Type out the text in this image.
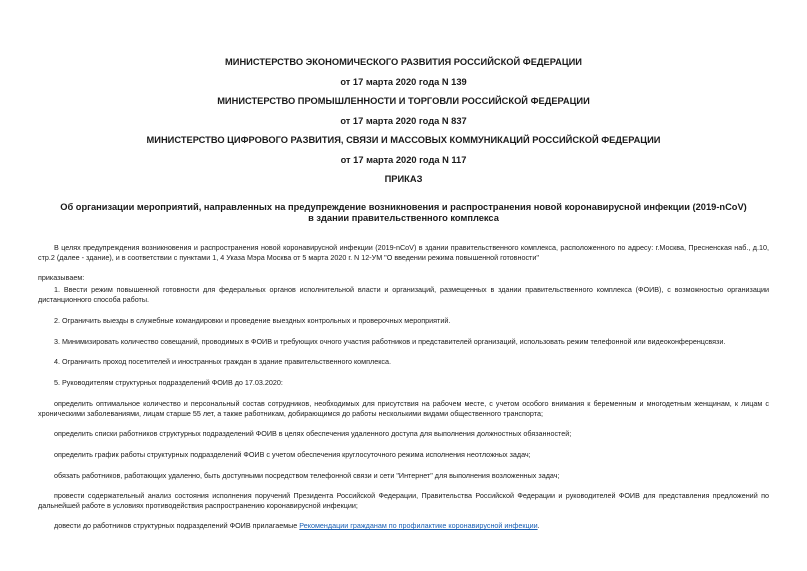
МИНИСТЕРСТВО ЭКОНОМИЧЕСКОГО РАЗВИТИЯ РОССИЙСКОЙ ФЕДЕРАЦИИ
от 17 марта 2020 года N 139
МИНИСТЕРСТВО ПРОМЫШЛЕННОСТИ И ТОРГОВЛИ РОССИЙСКОЙ ФЕДЕРАЦИИ
от 17 марта 2020 года N 837
МИНИСТЕРСТВО ЦИФРОВОГО РАЗВИТИЯ, СВЯЗИ И МАССОВЫХ КОММУНИКАЦИЙ РОССИЙСКОЙ ФЕДЕРАЦИИ
от 17 марта 2020 года N 117
ПРИКАЗ
Об организации мероприятий, направленных на предупреждение возникновения и распространения новой коронавирусной инфекции (2019-nCoV) в здании правительственного комплекса

В целях предупреждения возникновения и распространения новой коронавирусной инфекции (2019-nCoV) в здании правительственного комплекса, расположенного по адресу: г.Москва, Пресненская наб., д.10, стр.2 (далее - здание), и в соответствии с пунктами 1, 4 Указа Мэра Москва от 5 марта 2020 г. N 12-УМ "О введении режима повышенной готовности"

приказываем:

1. Ввести режим повышенной готовности для федеральных органов исполнительной власти и организаций, размещенных в здании правительственного комплекса (ФОИВ), с возможностью организации дистанционного способа работы.

2. Ограничить выезды в служебные командировки и проведение выездных контрольных и проверочных мероприятий.

3. Минимизировать количество совещаний, проводимых в ФОИВ и требующих очного участия работников и представителей организаций, использовать режим телефонной или видеоконференцсвязи.

4. Ограничить проход посетителей и иностранных граждан в здание правительственного комплекса.

5. Руководителям структурных подразделений ФОИВ до 17.03.2020:

определить оптимальное количество и персональный состав сотрудников, необходимых для присутствия на рабочем месте, с учетом особого внимания к беременным и многодетным женщинам, к лицам с хроническими заболеваниями, лицам старше 55 лет, а также работникам, добирающимся до работы несколькими видами общественного транспорта;

определить списки работников структурных подразделений ФОИВ в целях обеспечения удаленного доступа для выполнения должностных обязанностей;

определить график работы структурных подразделений ФОИВ с учетом обеспечения круглосуточного режима исполнения неотложных задач;

обязать работников, работающих удаленно, быть доступными посредством телефонной связи и сети "Интернет" для выполнения возложенных задач;

провести содержательный анализ состояния исполнения поручений Президента Российской Федерации, Правительства Российской Федерации и руководителей ФОИВ для представления предложений по дальнейшей работе в условиях противодействия распространению коронавирусной инфекции;

довести до работников структурных подразделений ФОИВ прилагаемые Рекомендации гражданам по профилактике коронавирусной инфекции.
